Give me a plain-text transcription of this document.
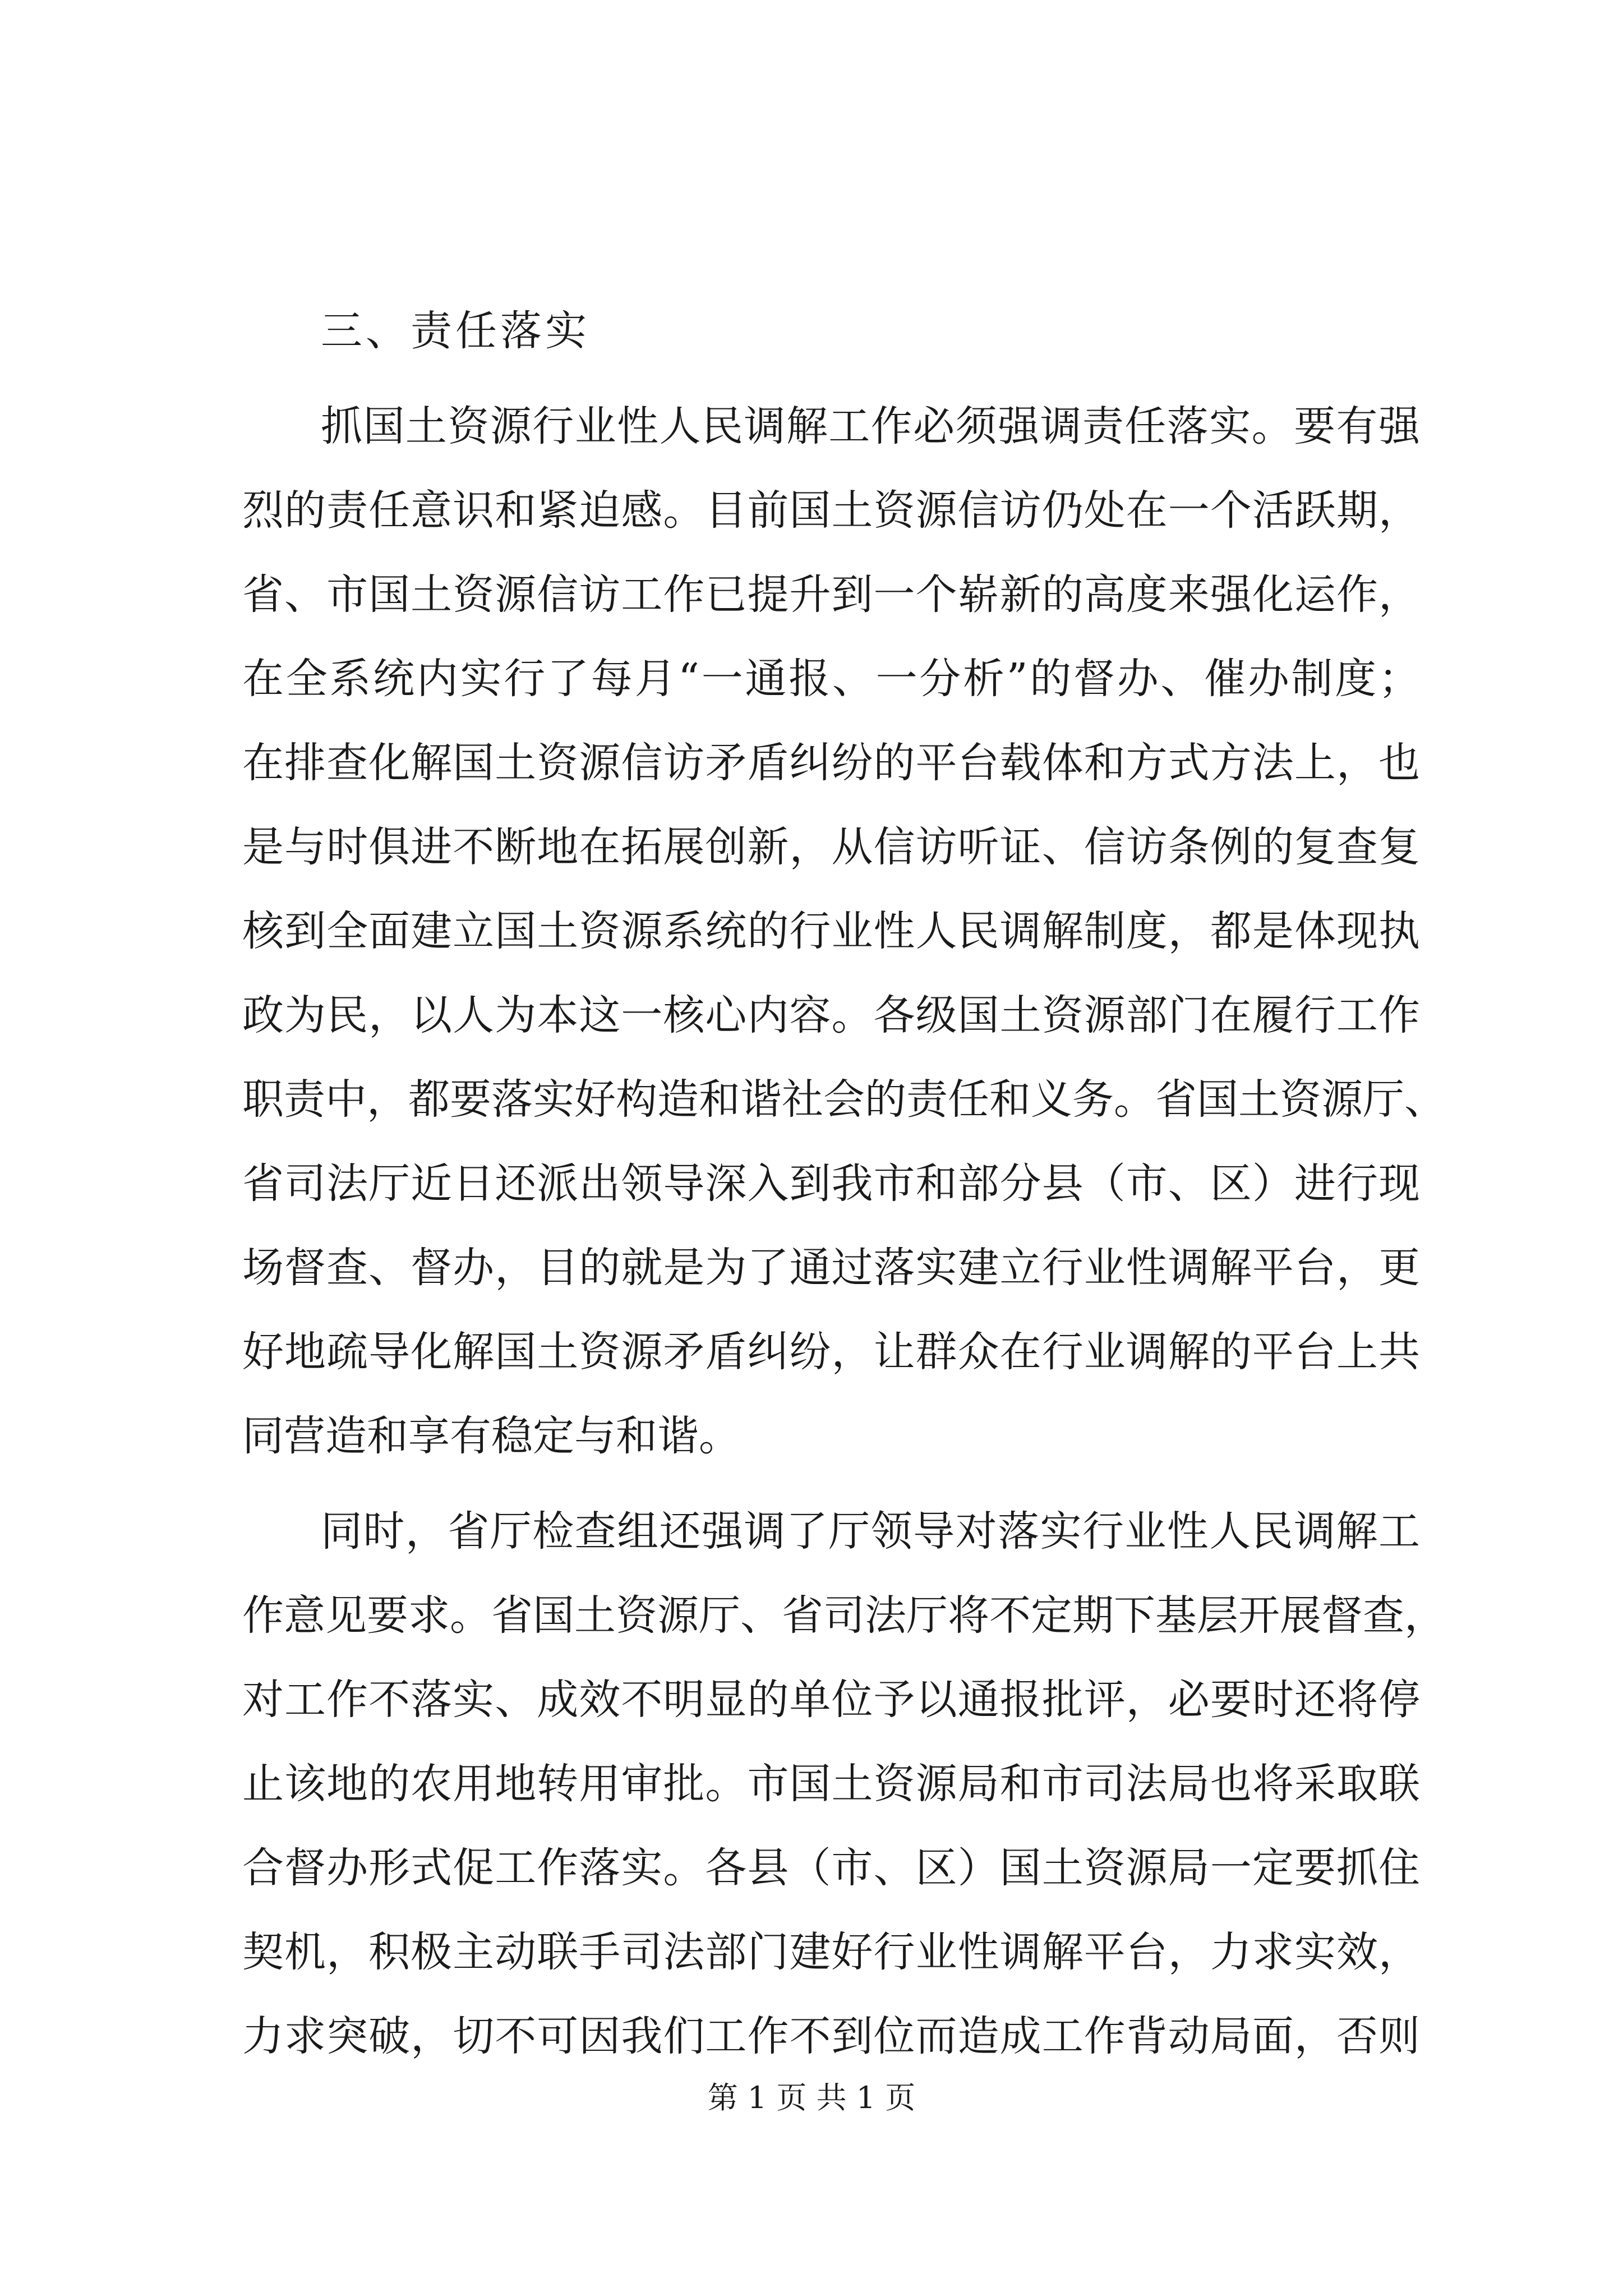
三、责任落实

抓国土资源行业性人民调解工作必须强调责任落实。要有强

烈的责任意识和紧迫感。目前国土资源信访仍处在一个活跃期，

省、市国土资源信访工作已提升到一个崭新的高度来强化运作，

在全系统内实行了每月“一通报、一分析”的督办、催办制度；

在排查化解国土资源信访矛盾纠纷的平台载体和方式方法上，也

是与时俱进不断地在拓展创新，从信访听证、信访条例的复查复

核到全面建立国土资源系统的行业性人民调解制度，都是体现执

政为民，以人为本这一核心内容。各级国土资源部门在履行工作

职责中，都要落实好构造和谐社会的责任和义务。省国土资源厅、

省司法厅近日还派出领导深入到我市和部分县（市、区）进行现

场督查、督办，目的就是为了通过落实建立行业性调解平台，更

好地疏导化解国土资源矛盾纠纷，让群众在行业调解的平台上共

同营造和享有稳定与和谐。

同时，省厅检查组还强调了厅领导对落实行业性人民调解工

作意见要求。省国土资源厅、省司法厅将不定期下基层开展督查，

对工作不落实、成效不明显的单位予以通报批评，必要时还将停

止该地的农用地转用审批。市国土资源局和市司法局也将采取联

合督办形式促工作落实。各县（市、区）国土资源局一定要抓住

契机，积极主动联手司法部门建好行业性调解平台，力求实效，

力求突破，切不可因我们工作不到位而造成工作背动局面，否则

第 1 页 共 1 页
